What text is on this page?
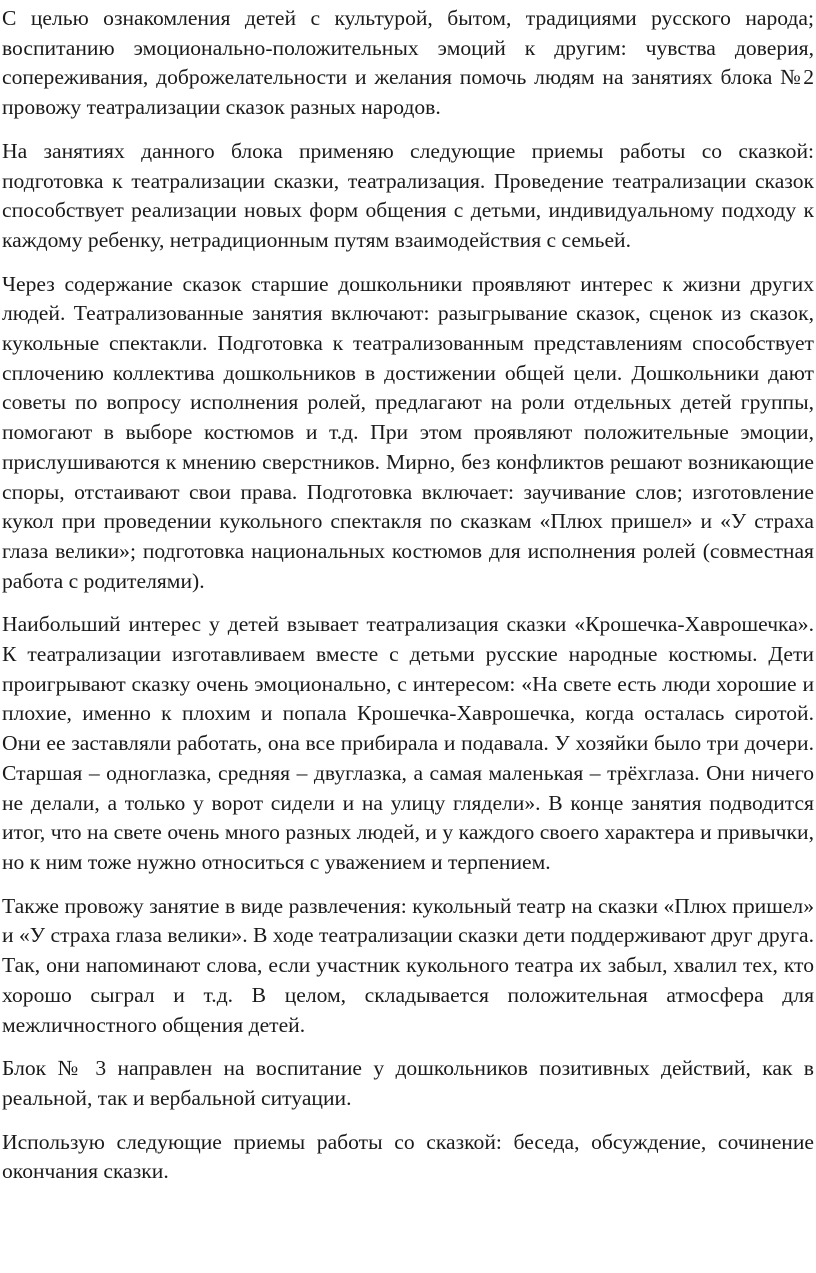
С целью ознакомления детей с культурой, бытом, традициями русского народа; воспитанию эмоционально-положительных эмоций к другим: чувства доверия, сопереживания, доброжелательности и желания помочь людям на занятиях блока №2 провожу театрализации сказок разных народов.

На занятиях данного блока применяю следующие приемы работы со сказкой: подготовка к театрализации сказки, театрализация. Проведение театрализации сказок способствует реализации новых форм общения с детьми, индивидуальному подходу к каждому ребенку, нетрадиционным путям взаимодействия с семьей.

Через содержание сказок старшие дошкольники проявляют интерес к жизни других людей. Театрализованные занятия включают: разыгрывание сказок, сценок из сказок, кукольные спектакли. Подготовка к театрализованным представлениям способствует сплочению коллектива дошкольников в достижении общей цели. Дошкольники дают советы по вопросу исполнения ролей, предлагают на роли отдельных детей группы, помогают в выборе костюмов и т.д. При этом проявляют положительные эмоции, прислушиваются к мнению сверстников. Мирно, без конфликтов решают возникающие споры, отстаивают свои права. Подготовка включает: заучивание слов; изготовление кукол при проведении кукольного спектакля по сказкам «Плюх пришел» и «У страха глаза велики»; подготовка национальных костюмов для исполнения ролей (совместная работа с родителями).

Наибольший интерес у детей взывает театрализация сказки «Крошечка-Хаврошечка». К театрализации изготавливаем вместе с детьми русские народные костюмы. Дети проигрывают сказку очень эмоционально, с интересом: «На свете есть люди хорошие и плохие, именно к плохим и попала Крошечка-Хаврошечка, когда осталась сиротой. Они ее заставляли работать, она все прибирала и подавала. У хозяйки было три дочери. Старшая – одноглазка, средняя – двуглазка, а самая маленькая – трёхглаза. Они ничего не делали, а только у ворот сидели и на улицу глядели». В конце занятия подводится итог, что на свете очень много разных людей, и у каждого своего характера и привычки, но к ним тоже нужно относиться с уважением и терпением.

Также провожу занятие в виде развлечения: кукольный театр на сказки «Плюх пришел» и «У страха глаза велики». В ходе театрализации сказки дети поддерживают друг друга. Так, они напоминают слова, если участник кукольного театра их забыл, хвалил тех, кто хорошо сыграл и т.д. В целом, складывается положительная атмосфера для межличностного общения детей.

Блок № 3 направлен на воспитание у дошкольников позитивных действий, как в реальной, так и вербальной ситуации.

Использую следующие приемы работы со сказкой: беседа, обсуждение, сочинение окончания сказки.
